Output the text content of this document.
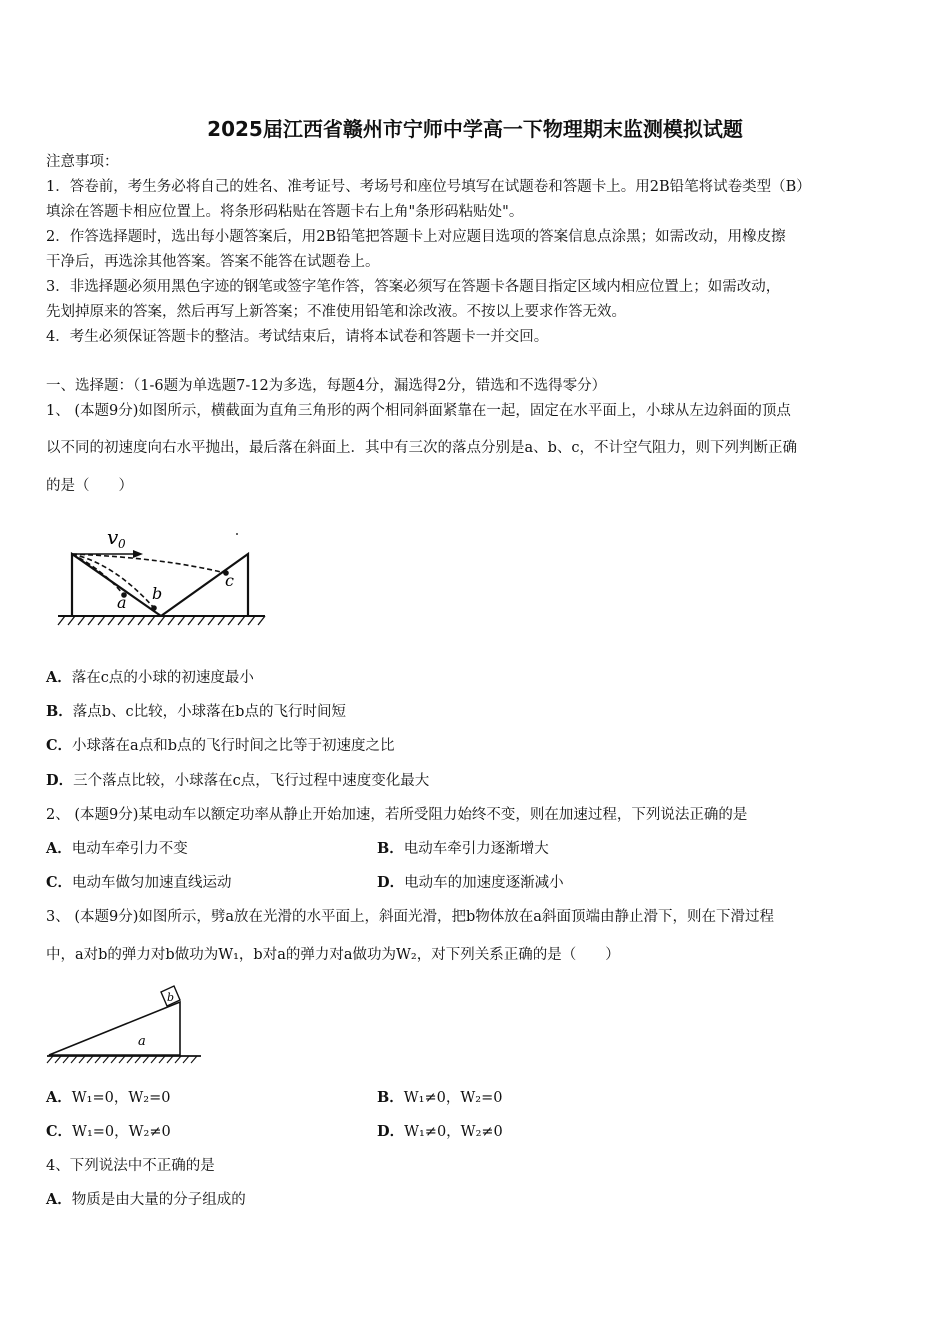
2025届江西省赣州市宁师中学高一下物理期末监测模拟试题
注意事项：
1．答卷前，考生务必将自己的姓名、准考证号、考场号和座位号填写在试题卷和答题卡上。用2B铅笔将试卷类型（B）
填涂在答题卡相应位置上。将条形码粘贴在答题卡右上角"条形码粘贴处"。
2．作答选择题时，选出每小题答案后，用2B铅笔把答题卡上对应题目选项的答案信息点涂黑；如需改动，用橡皮擦
干净后，再选涂其他答案。答案不能答在试题卷上。
3．非选择题必须用黑色字迹的钢笔或签字笔作答，答案必须写在答题卡各题目指定区域内相应位置上；如需改动，
先划掉原来的答案，然后再写上新答案；不准使用铅笔和涂改液。不按以上要求作答无效。
4．考生必须保证答题卡的整洁。考试结束后，请将本试卷和答题卡一并交回。
一、选择题：（1-6题为单选题7-12为多选，每题4分，漏选得2分，错选和不选得零分）
1、 (本题9分)如图所示，横截面为直角三角形的两个相同斜面紧靠在一起，固定在水平面上，小球从左边斜面的顶点
以不同的初速度向右水平抛出，最后落在斜面上．其中有三次的落点分别是a、b、c，不计空气阻力，则下列判断正确
的是（　　）
v 0
a b
c
A．落在c点的小球的初速度最小
B．落点b、c比较，小球落在b点的飞行时间短
C．小球落在a点和b点的飞行时间之比等于初速度之比
D．三个落点比较，小球落在c点，飞行过程中速度变化最大
2、 (本题9分)某电动车以额定功率从静止开始加速，若所受阻力始终不变，则在加速过程，下列说法正确的是
A．电动车牵引力不变	B．电动车牵引力逐渐增大
C．电动车做匀加速直线运动	D．电动车的加速度逐渐减小
3、 (本题9分)如图所示，劈a放在光滑的水平面上，斜面光滑，把b物体放在a斜面顶端由静止滑下，则在下滑过程
中，a对b的弹力对b做功为W₁，b对a的弹力对a做功为W₂，对下列关系正确的是（　　）
b
a
A．W₁=0，W₂=0	B．W₁≠0，W₂=0
C．W₁=0，W₂≠0	D．W₁≠0，W₂≠0
4、下列说法中不正确的是
A．物质是由大量的分子组成的
